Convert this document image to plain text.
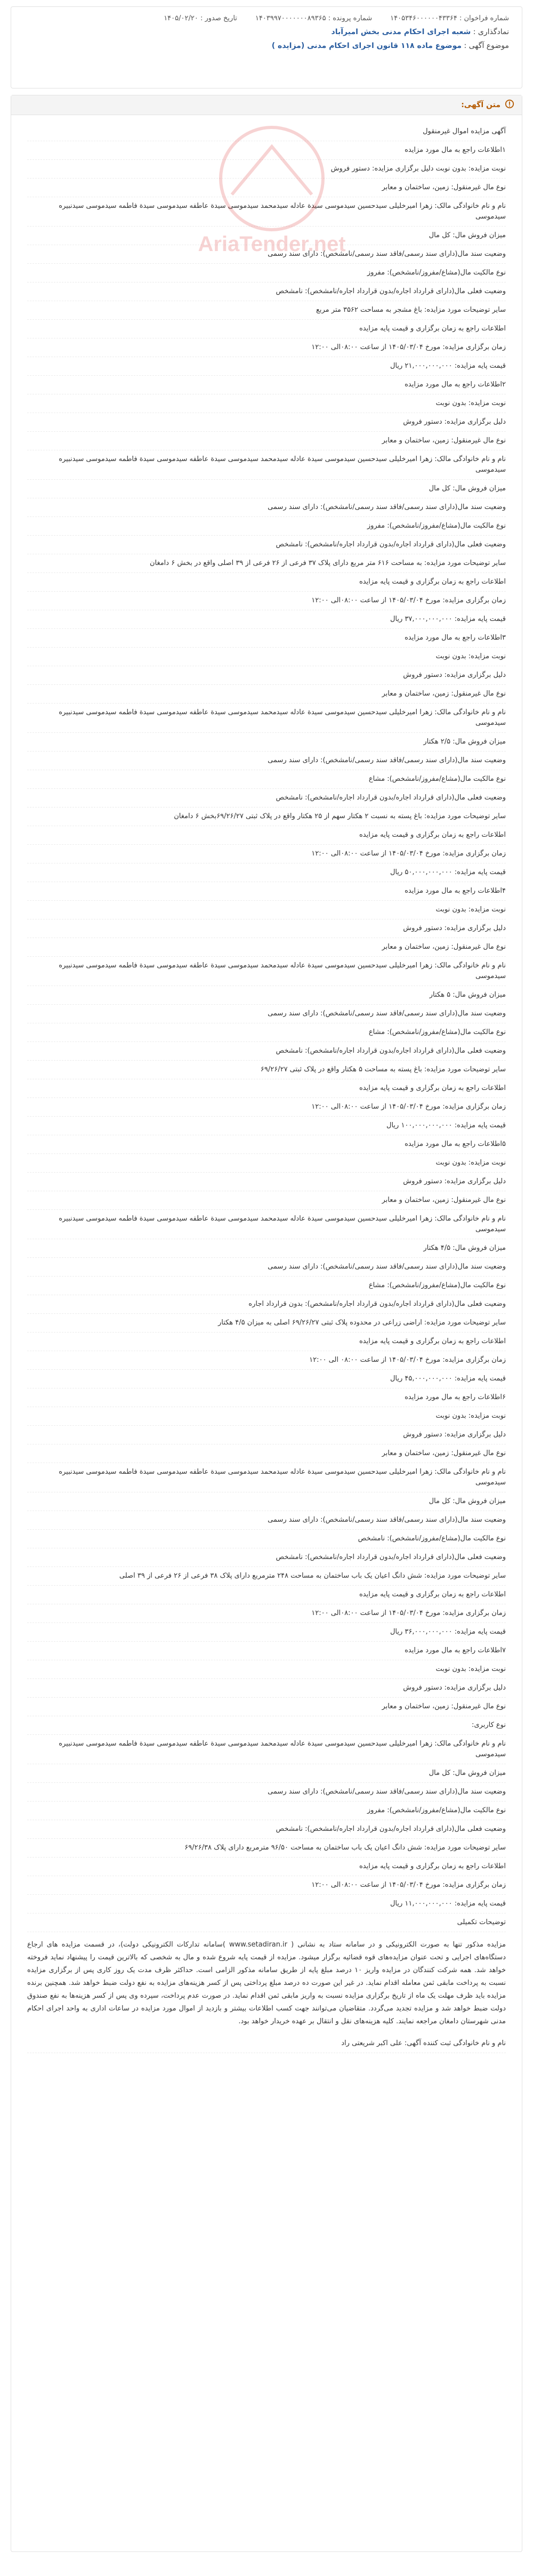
شماره فراخوان : ۱۴۰۵۳۴۶۰۰۰۰۰۰۴۳۳۶۴
شماره پرونده : ۱۴۰۳۹۹۷۰۰۰۰۰۰۰۸۹۳۶۵
تاریخ صدور : ۱۴۰۵/۰۲/۲۰
نمادگذاری : شعبه اجرای احکام مدنی بخش امیرآباد
موضوع آگهی : موضوع ماده ۱۱۸ قانون اجرای احکام مدنی (مزایده )
متن آگهی:
آگهی مزایده اموال غیرمنقول
۱اطلاعات راجع به مال مورد مزایده
نوبت مزایده: بدون نوبت دلیل برگزاری مزایده: دستور فروش
نوع مال غیرمنقول: زمین، ساختمان و معابر
نام و نام خانوادگی مالک: زهرا امیرخلیلی سیدحسین سیدموسی سیدة عادله سیدمحمد سیدموسی سیدة عاطفه سیدموسی سیدة فاطمه سیدموسی سیدنبیره سیدموسی
میزان فروش مال: کل مال
وضعیت سند مال(دارای سند رسمی/فاقد سند رسمی/نامشخص): دارای سند رسمی
نوع مالکیت مال(مشاع/مفروز/نامشخص): مفروز
وضعیت فعلی مال(دارای قرارداد اجاره/بدون قرارداد اجاره/نامشخص): نامشخص
سایر توضیحات مورد مزایده: باغ مشجر به مساحت ۳۵۶۲ متر مربع
اطلاعات راجع به زمان برگزاری و قیمت پایه مزایده
زمان برگزاری مزایده: مورخ ۱۴۰۵/۰۳/۰۴ از ساعت ۰۸:۰۰الی ۱۲:۰۰
قیمت پایه مزایده: ۲۱,۰۰۰,۰۰۰,۰۰۰ ریال
۲اطلاعات راجع به مال مورد مزایده
نوبت مزایده: بدون نوبت
دلیل برگزاری مزایده: دستور فروش
نوع مال غیرمنقول: زمین، ساختمان و معابر
نام و نام خانوادگی مالک: زهرا امیرخلیلی سیدحسین سیدموسی سیدة عادله سیدمحمد سیدموسی سیدة عاطفه سیدموسی سیدة فاطمه سیدموسی سیدنبیره سیدموسی
میزان فروش مال: کل مال
وضعیت سند مال(دارای سند رسمی/فاقد سند رسمی/نامشخص): دارای سند رسمی
نوع مالکیت مال(مشاع/مفروز/نامشخص): مفروز
وضعیت فعلی مال(دارای قرارداد اجاره/بدون قرارداد اجاره/نامشخص): نامشخص
سایر توضیحات مورد مزایده: به مساحت ۶۱۶ متر مربع دارای پلاک ۳۷ فرعی از ۲۶ فرعی از ۳۹ اصلی واقع در بخش ۶ دامغان
اطلاعات راجع به زمان برگزاری و قیمت پایه مزایده
زمان برگزاری مزایده: مورخ ۱۴۰۵/۰۳/۰۴ از ساعت ۰۸:۰۰الی ۱۲:۰۰
قیمت پایه مزایده: ۳۷,۰۰۰,۰۰۰,۰۰۰ ریال
۳اطلاعات راجع به مال مورد مزایده
نوبت مزایده: بدون نوبت
دلیل برگزاری مزایده: دستور فروش
نوع مال غیرمنقول: زمین، ساختمان و معابر
نام و نام خانوادگی مالک: زهرا امیرخلیلی سیدحسین سیدموسی سیدة عادله سیدمحمد سیدموسی سیدة عاطفه سیدموسی سیدة فاطمه سیدموسی سیدنبیره سیدموسی
میزان فروش مال: ۲/۵ هکتار
وضعیت سند مال(دارای سند رسمی/فاقد سند رسمی/نامشخص): دارای سند رسمی
نوع مالکیت مال(مشاع/مفروز/نامشخص): مشاع
وضعیت فعلی مال(دارای قرارداد اجاره/بدون قرارداد اجاره/نامشخص): نامشخص
سایر توضیحات مورد مزایده: باغ پسته به نسبت ۲ هکتار سهم از ۲۵ هکتار واقع در پلاک ثبتی ۶۹/۲۶/۲۷بخش ۶ دامغان
اطلاعات راجع به زمان برگزاری و قیمت پایه مزایده
زمان برگزاری مزایده: مورخ ۱۴۰۵/۰۳/۰۴ از ساعت ۰۸:۰۰الی ۱۲:۰۰
قیمت پایه مزایده: ۵۰,۰۰۰,۰۰۰,۰۰۰ ریال
۴اطلاعات راجع به مال مورد مزایده
نوبت مزایده: بدون نوبت
دلیل برگزاری مزایده: دستور فروش
نوع مال غیرمنقول: زمین، ساختمان و معابر
نام و نام خانوادگی مالک: زهرا امیرخلیلی سیدحسین سیدموسی سیدة عادله سیدمحمد سیدموسی سیدة عاطفه سیدموسی سیدة فاطمه سیدموسی سیدنبیره سیدموسی
میزان فروش مال: ۵ هکتار
وضعیت سند مال(دارای سند رسمی/فاقد سند رسمی/نامشخص): دارای سند رسمی
نوع مالکیت مال(مشاع/مفروز/نامشخص): مشاع
وضعیت فعلی مال(دارای قرارداد اجاره/بدون قرارداد اجاره/نامشخص): نامشخص
سایر توضیحات مورد مزایده: باغ پسته به مساحت ۵ هکتار واقع در پلاک ثبتی ۶۹/۲۶/۲۷
اطلاعات راجع به زمان برگزاری و قیمت پایه مزایده
زمان برگزاری مزایده: مورخ ۱۴۰۵/۰۳/۰۴ از ساعت ۰۸:۰۰الی ۱۲:۰۰
قیمت پایه مزایده: ۱۰۰,۰۰۰,۰۰۰,۰۰۰ ریال
۵اطلاعات راجع به مال مورد مزایده
نوبت مزایده: بدون نوبت
دلیل برگزاری مزایده: دستور فروش
نوع مال غیرمنقول: زمین، ساختمان و معابر
نام و نام خانوادگی مالک: زهرا امیرخلیلی سیدحسین سیدموسی سیدة عادله سیدمحمد سیدموسی سیدة عاطفه سیدموسی سیدة فاطمه سیدموسی سیدنبیره سیدموسی
میزان فروش مال: ۴/۵ هکتار
وضعیت سند مال(دارای سند رسمی/فاقد سند رسمی/نامشخص): دارای سند رسمی
نوع مالکیت مال(مشاع/مفروز/نامشخص): مشاع
وضعیت فعلی مال(دارای قرارداد اجاره/بدون قرارداد اجاره/نامشخص): بدون قرارداد اجاره
سایر توضیحات مورد مزایده: اراضی زراعی در محدوده پلاک ثبتی ۶۹/۲۶/۲۷ اصلی به میزان ۴/۵ هکتار
اطلاعات راجع به زمان برگزاری و قیمت پایه مزایده
زمان برگزاری مزایده: مورخ ۱۴۰۵/۰۳/۰۴ از ساعت ۰۸:۰۰ الی ۱۲:۰۰
قیمت پایه مزایده: ۴۵,۰۰۰,۰۰۰,۰۰۰ ریال
۶اطلاعات راجع به مال مورد مزایده
نوبت مزایده: بدون نوبت
دلیل برگزاری مزایده: دستور فروش
نوع مال غیرمنقول: زمین، ساختمان و معابر
نام و نام خانوادگی مالک: زهرا امیرخلیلی سیدحسین سیدموسی سیدة عادله سیدمحمد سیدموسی سیدة عاطفه سیدموسی سیدة فاطمه سیدموسی سیدنبیره سیدموسی
میزان فروش مال: کل مال
وضعیت سند مال(دارای سند رسمی/فاقد سند رسمی/نامشخص): دارای سند رسمی
نوع مالکیت مال(مشاع/مفروز/نامشخص): نامشخص
وضعیت فعلی مال(دارای قرارداد اجاره/بدون قرارداد اجاره/نامشخص): نامشخص
سایر توضیحات مورد مزایده: شش دانگ اعیان یک باب ساختمان به مساحت ۲۴۸ مترمربع دارای پلاک ۳۸ فرعی از ۲۶ فرعی از ۳۹ اصلی
اطلاعات راجع به زمان برگزاری و قیمت پایه مزایده
زمان برگزاری مزایده: مورخ ۱۴۰۵/۰۳/۰۴ از ساعت ۰۸:۰۰الی ۱۲:۰۰
قیمت پایه مزایده: ۳۶,۰۰۰,۰۰۰,۰۰۰ ریال
۷اطلاعات راجع به مال مورد مزایده
نوبت مزایده: بدون نوبت
دلیل برگزاری مزایده: دستور فروش
نوع مال غیرمنقول: زمین، ساختمان و معابر
نوع کاربری:
نام و نام خانوادگی مالک: زهرا امیرخلیلی سیدحسین سیدموسی سیدة عادله سیدمحمد سیدموسی سیدة عاطفه سیدموسی سیدة فاطمه سیدموسی سیدنبیره سیدموسی
میزان فروش مال: کل مال
وضعیت سند مال(دارای سند رسمی/فاقد سند رسمی/نامشخص): دارای سند رسمی
نوع مالکیت مال(مشاع/مفروز/نامشخص): مفروز
وضعیت فعلی مال(دارای قرارداد اجاره/بدون قرارداد اجاره/نامشخص): نامشخص
سایر توضیحات مورد مزایده: شش دانگ اعیان یک باب ساختمان به مساحت ۹۶/۵۰ مترمربع دارای پلاک ۶۹/۲۶/۳۸
اطلاعات راجع به زمان برگزاری و قیمت پایه مزایده
زمان برگزاری مزایده: مورخ ۱۴۰۵/۰۳/۰۴ از ساعت ۰۸:۰۰الی ۱۲:۰۰
قیمت پایه مزایده: ۱۱,۰۰۰,۰۰۰,۰۰۰ ریال
توضیحات تکمیلی
مزایده مذکور تنها به صورت الکترونیکی و در سامانه ستاد به نشانی ( www.setadiran.ir )سامانه تدارکات الکترونیکی دولت)، در قسمت مزایده های ارجاع دستگاه‌های اجرایی و تحت عنوان مزایده‌های قوه قضائیه برگزار میشود. مزایده از قیمت پایه شروع شده و مال به شخصی که بالاترین قیمت را پیشنهاد نماید فروخته خواهد شد. همه شرکت کنندگان در مزایده واریز ۱۰ درصد مبلغ پایه از طریق سامانه مذکور الزامی است. حداکثر ظرف مدت یک روز کاری پس از برگزاری مزایده نسبت به پرداخت مابقی ثمن معامله اقدام نماید. در غیر این صورت ده درصد مبلغ پرداختی پس از کسر هزینه‌های مزایده به نفع دولت ضبط خواهد شد. همچنین برنده مزایده باید ظرف مهلت یک ماه از تاریخ برگزاری مزایده نسبت به واریز مابقی ثمن اقدام نماید. در صورت عدم پرداخت، سپرده وی پس از کسر هزینه‌ها به نفع صندوق دولت ضبط خواهد شد و مزایده تجدید می‌گردد. متقاضیان می‌توانند جهت کسب اطلاعات بیشتر و بازدید از اموال مورد مزایده در ساعات اداری به واحد اجرای احکام مدنی شهرستان دامغان مراجعه نمایند. کلیه هزینه‌های نقل و انتقال بر عهده خریدار خواهد بود.
نام و نام خانوادگی ثبت کننده آگهی: علی اکبر شریعتی راد
AriaTender.net
